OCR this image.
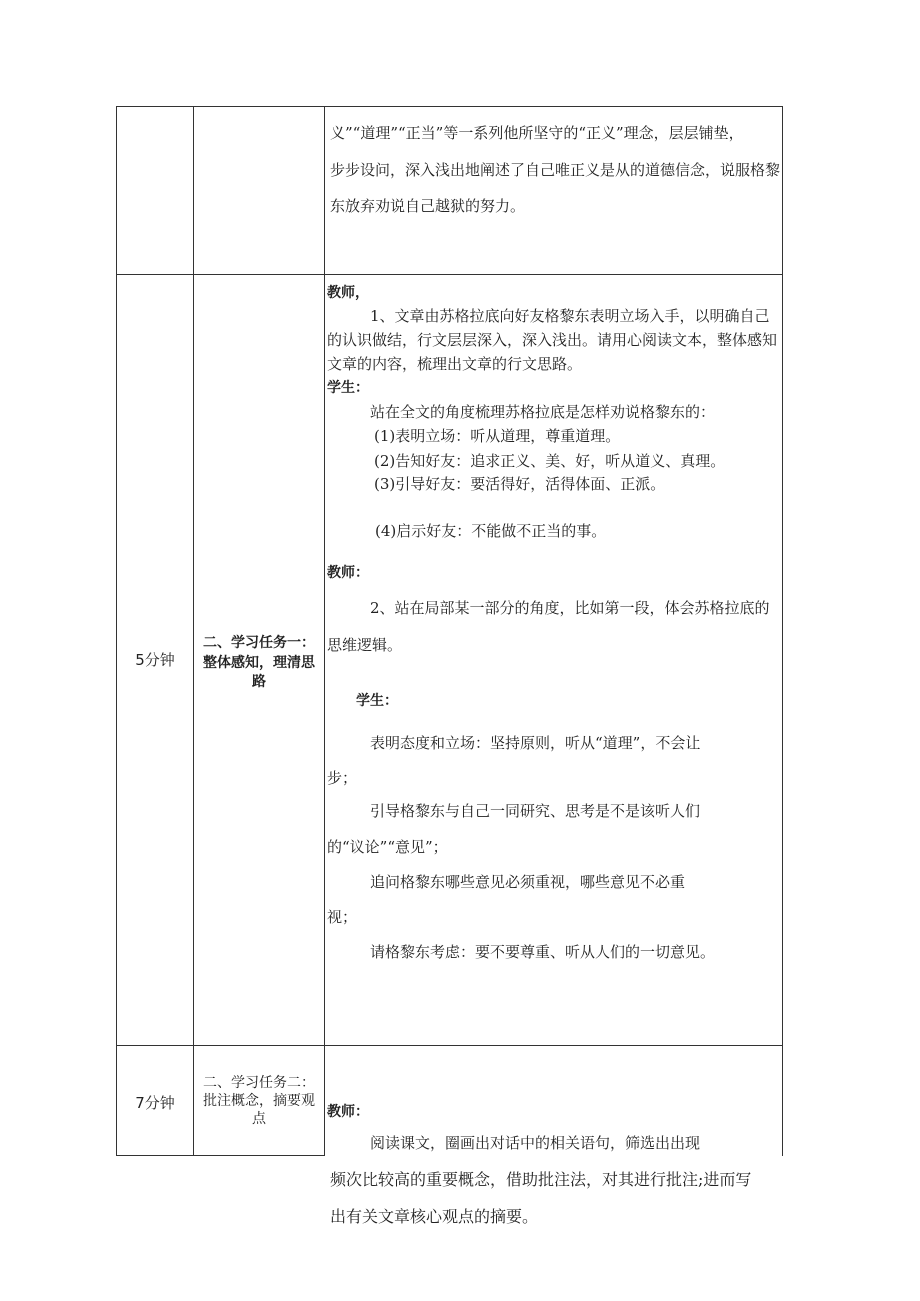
义”“道理”“正当”等一系列他所坚守的“正义”理念，层层铺垫，
步步设问，深入浅出地阐述了自己唯正义是从的道德信念，说服格黎
东放弃劝说自己越狱的努力。
5分钟
二、学习任务一：
整体感知，理清思
路
教师，
1、文章由苏格拉底向好友格黎东表明立场入手，以明确自己
的认识做结，行文层层深入，深入浅出。请用心阅读文本，整体感知
文章的内容，梳理出文章的行文思路。
学生：
站在全文的角度梳理苏格拉底是怎样劝说格黎东的：
(1)表明立场：听从道理，尊重道理。
(2)告知好友：追求正义、美、好，听从道义、真理。
(3)引导好友：要活得好，活得体面、正派。
(4)启示好友：不能做不正当的事。
教师：
2、站在局部某一部分的角度，比如第一段，体会苏格拉底的
思维逻辑。
学生：
表明态度和立场：坚持原则，听从“道理”，不会让
步；
引导格黎东与自己一同研究、思考是不是该听人们
的“议论”“意见”；
追问格黎东哪些意见必须重视，哪些意见不必重
视；
请格黎东考虑：要不要尊重、听从人们的一切意见。
7分钟
二、学习任务二：
批注概念，摘要观
点	教师：
阅读课文，圈画出对话中的相关语句，筛选出出现
频次比较高的重要概念，借助批注法，对其进行批注;进而写
出有关文章核心观点的摘要。
